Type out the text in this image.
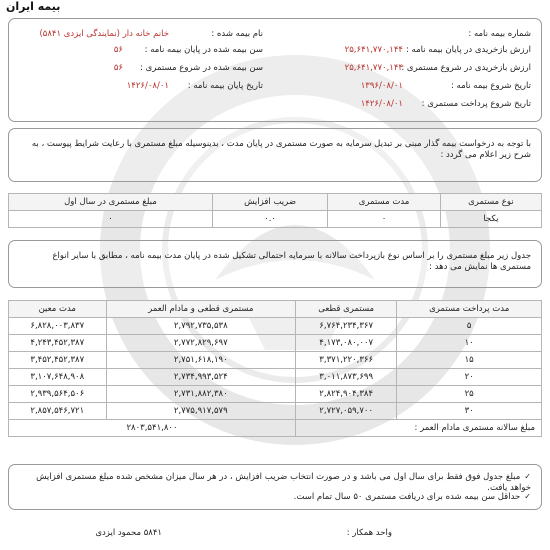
بیمه ایران
شماره بیمه نامه :
نام بیمه شده :
خانم خانه دار (نمایندگی ایزدی ۵۸۴۱)
ارزش بازخریدی در پایان بیمه نامه :
۲۵,۶۴۱,۷۷۰,۱۴۴
سن بیمه شده در پایان بیمه نامه :
۵۶
ارزش بازخریدی در شروع مستمری :
۲۵,۶۴۱,۷۷۰,۱۴۴
سن بیمه شده در شروع مستمری :
۵۶
تاریخ شروع بیمه نامه :
۱۳۹۶/۰۸/۰۱
تاریخ پایان بیمه نامه :
۱۴۲۶/۰۸/۰۱
تاریخ شروع پرداخت مستمری :
۱۴۲۶/۰۸/۰۱
با توجه به درخواست بیمه گذار مبنی بر تبدیل سرمایه به صورت مستمری در پایان مدت ، بدینوسیله مبلغ مستمری با رعایت شرایط پیوست ، به شرح زیر اعلام می گردد :
نوع مستمری	مدت مستمری	ضریب افزایش	مبلغ مستمری در سال اول
یکجا	۰	۰.۰	۰
جدول زیر مبلغ مستمری را بر اساس نوع بازپرداخت سالانه با سرمایه احتمالی تشکیل شده در پایان مدت بیمه نامه ، مطابق با سایر انواع مستمری ها نمایش می دهد :
مدت پرداخت مستمری	مستمری قطعی	مستمری قطعی و مادام العمر	مدت معین
۵	۶,۷۶۴,۲۳۴,۳۶۷	۲,۷۹۲,۷۳۵,۵۳۸	۶,۸۲۸,۰۰۳,۸۳۷
۱۰	۴,۱۷۳,۰۸۰,۰۰۷	۲,۷۷۲,۸۲۹,۶۹۷	۴,۲۴۳,۴۵۲,۳۸۷
۱۵	۳,۳۷۱,۲۲۰,۳۶۶	۲,۷۵۱,۶۱۸,۱۹۰	۳,۴۵۲,۴۵۲,۳۸۷
۲۰	۳,۰۱۱,۸۷۳,۶۹۹	۲,۷۳۴,۹۹۳,۵۲۴	۳,۱۰۷,۶۴۸,۹۰۸
۲۵	۲,۸۲۴,۹۰۴,۳۸۴	۲,۷۳۱,۸۸۲,۳۸۰	۲,۹۳۹,۵۶۴,۵۰۶
۳۰	۲,۷۲۷,۰۵۹,۷۰۰	۲,۷۷۵,۹۱۷,۵۷۹	۲,۸۵۷,۵۴۶,۷۲۱
مبلغ سالانه مستمری مادام العمر :		۲۸۰۳,۵۴۱,۸۰۰	
✓مبلغ جدول فوق فقط برای سال اول می باشد و در صورت انتخاب ضریب افزایش ، در هر سال میزان مشخص شده مبلغ مستمری افزایش خواهد یافت.
✓حداقل سن بیمه شده برای دریافت مستمری ۵۰ سال تمام است.
واحد همکار :
۵۸۴۱ محمود ایزدی
